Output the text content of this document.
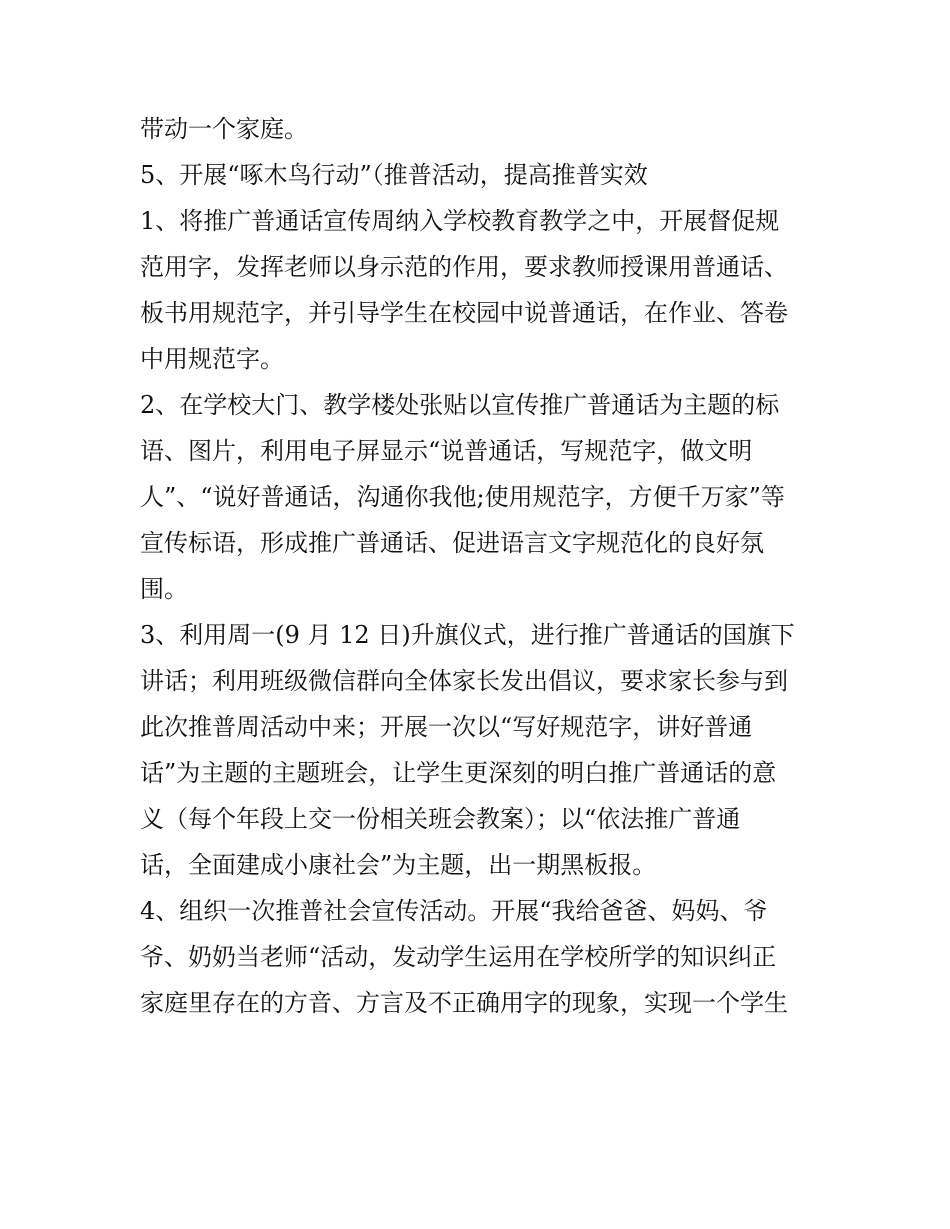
带动一个家庭。

5、开展“啄木鸟行动”（推普活动，提高推普实效

1、将推广普通话宣传周纳入学校教育教学之中，开展督促规

范用字，发挥老师以身示范的作用，要求教师授课用普通话、

板书用规范字，并引导学生在校园中说普通话，在作业、答卷

中用规范字。

2、在学校大门、教学楼处张贴以宣传推广普通话为主题的标

语、图片，利用电子屏显示“说普通话，写规范字，做文明

人”、“说好普通话，沟通你我他;使用规范字，方便千万家”等

宣传标语，形成推广普通话、促进语言文字规范化的良好氛

围。

3、利用周一(9 月 12 日)升旗仪式，进行推广普通话的国旗下

讲话；利用班级微信群向全体家长发出倡议，要求家长参与到

此次推普周活动中来；开展一次以“写好规范字，讲好普通

话”为主题的主题班会，让学生更深刻的明白推广普通话的意

义（每个年段上交一份相关班会教案）；以“依法推广普通

话，全面建成小康社会”为主题，出一期黑板报。

4、组织一次推普社会宣传活动。开展“我给爸爸、妈妈、爷

爷、奶奶当老师“活动，发动学生运用在学校所学的知识纠正

家庭里存在的方音、方言及不正确用字的现象，实现一个学生
